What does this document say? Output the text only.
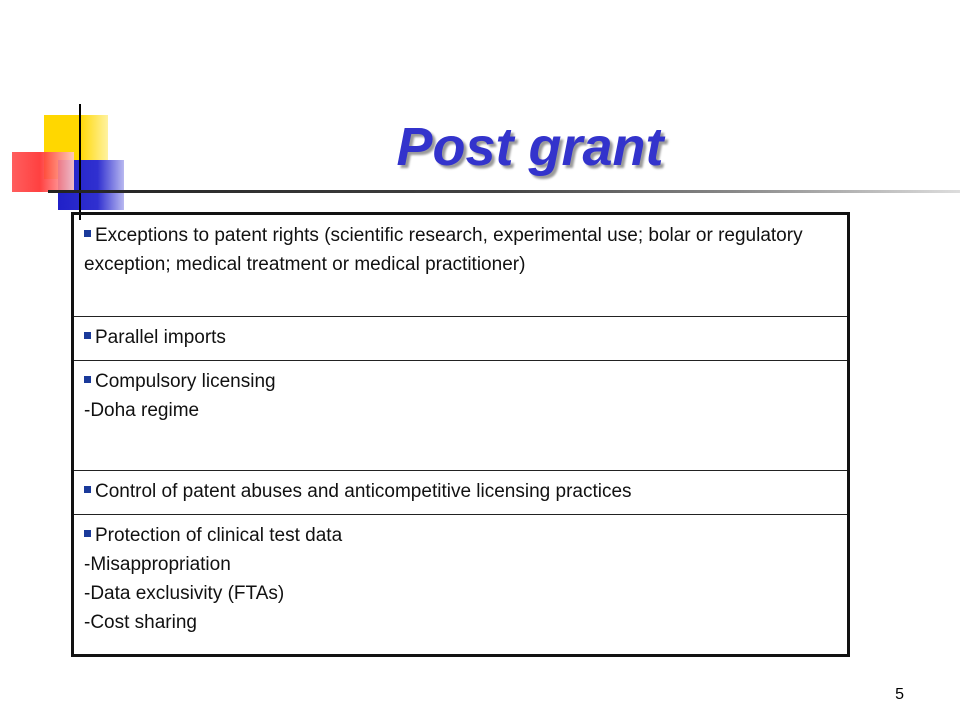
Post grant
Exceptions to patent rights (scientific research, experimental use; bolar or regulatory exception; medical treatment or medical practitioner)
Parallel imports

Compulsory licensing
-Doha regime

Control of patent abuses and anticompetitive licensing practices

Protection of clinical test data
-Misappropriation
-Data exclusivity (FTAs)
-Cost sharing
5
